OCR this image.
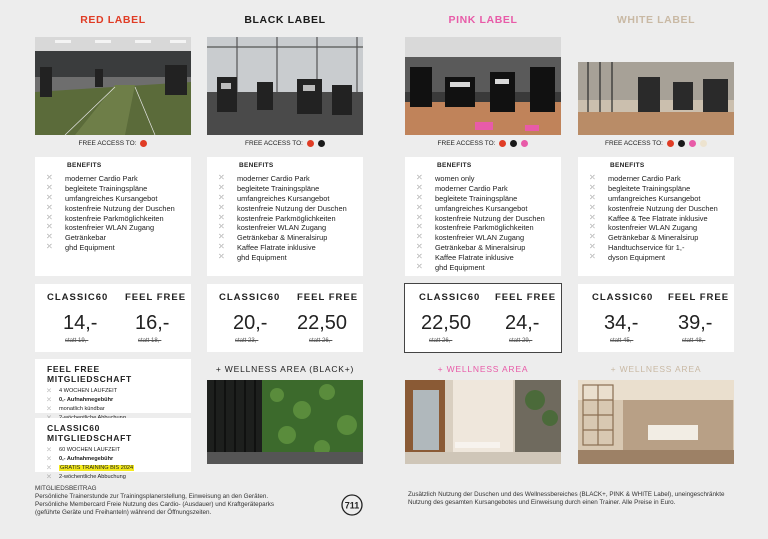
RED LABEL
FREE ACCESS TO:
BENEFITS
⤫	moderner Cardio Park
⤫	begleitete Trainingspläne
⤫	umfangreiches Kursangebot
⤫	kostenfreie Nutzung der Duschen
⤫	kostenfreie Parkmöglichkeiten
⤫	kostenfreier WLAN Zugang
⤫	Getränkebar
⤫	ghd Equipment
CLASSIC60 FEEL FREE
14,- 16,-
statt 19,-	statt 18,-
FEEL FREE MITGLIEDSCHAFT
⤫	4 WOCHEN LAUFZEIT
⤫	0,- Aufnahmegebühr
⤫	monatlich kündbar
CLASSIC60 MITGLIEDSCHAFT
⤫	60 WOCHEN LAUFZEIT
⤫	0,- Aufnahmegebühr
⤫	GRATIS TRAINING BIS 2024
⤫	2-wöchentliche Abbuchung
BLACK LABEL
FREE ACCESS TO:
BENEFITS
⤫	moderner Cardio Park
⤫	begleitete Trainingspläne
⤫	umfangreiches Kursangebot
⤫	kostenfreie Nutzung der Duschen
⤫	kostenfreie Parkmöglichkeiten
⤫	kostenfreier WLAN Zugang
⤫	Getränkebar & Mineralsirup
⤫	Kaffee Flatrate inklusive
⤫	ghd Equipment
CLASSIC60 FEEL FREE
20,- 22,50
statt 23,-	statt 26,-
+ WELLNESS AREA (BLACK+)
PINK LABEL
FREE ACCESS TO:
BENEFITS
⤫	women only
⤫	moderner Cardio Park
⤫	begleitete Trainingspläne
⤫	umfangreiches Kursangebot
⤫	kostenfreie Nutzung der Duschen
⤫	kostenfreie Parkmöglichkeiten
⤫	kostenfreier WLAN Zugang
⤫	Getränkebar & Mineralsirup
⤫	Kaffee Flatrate inklusive
⤫	ghd Equipment
CLASSIC60 FEEL FREE
22,50 24,-
statt 26,-	statt 29,-
+ WELLNESS AREA
WHITE LABEL
FREE ACCESS TO:
BENEFITS
⤫	moderner Cardio Park
⤫	begleitete Trainingspläne
⤫	umfangreiches Kursangebot
⤫	kostenfreie Nutzung der Duschen
⤫	Kaffee & Tee Flatrate inklusive
⤫	kostenfreier WLAN Zugang
⤫	Getränkebar & Mineralsirup
⤫	Handtuchservice für 1,-
⤫	dyson Equipment
CLASSIC60 FEEL FREE
34,- 39,-
statt 45,-	statt 48,-
+ WELLNESS AREA
MITGLIEDSBEITRAG
Persönliche Trainerstunde zur Trainingsplanerstellung, Einweisung an den Geräten.
Persönliche Membercard Freie Nutzung des Cardio- (Ausdauer) und Kraftgeräteparks
(geführte Geräte und Freihanteln) während der Öffnungszeiten.
711
Zusätzlich Nutzung der Duschen und des Wellnessbereiches (BLACK+, PINK & WHITE Label), uneingeschränkte Nutzung des gesamten Kursangebotes und Einweisung durch einen Trainer. Alle Preise in Euro.
